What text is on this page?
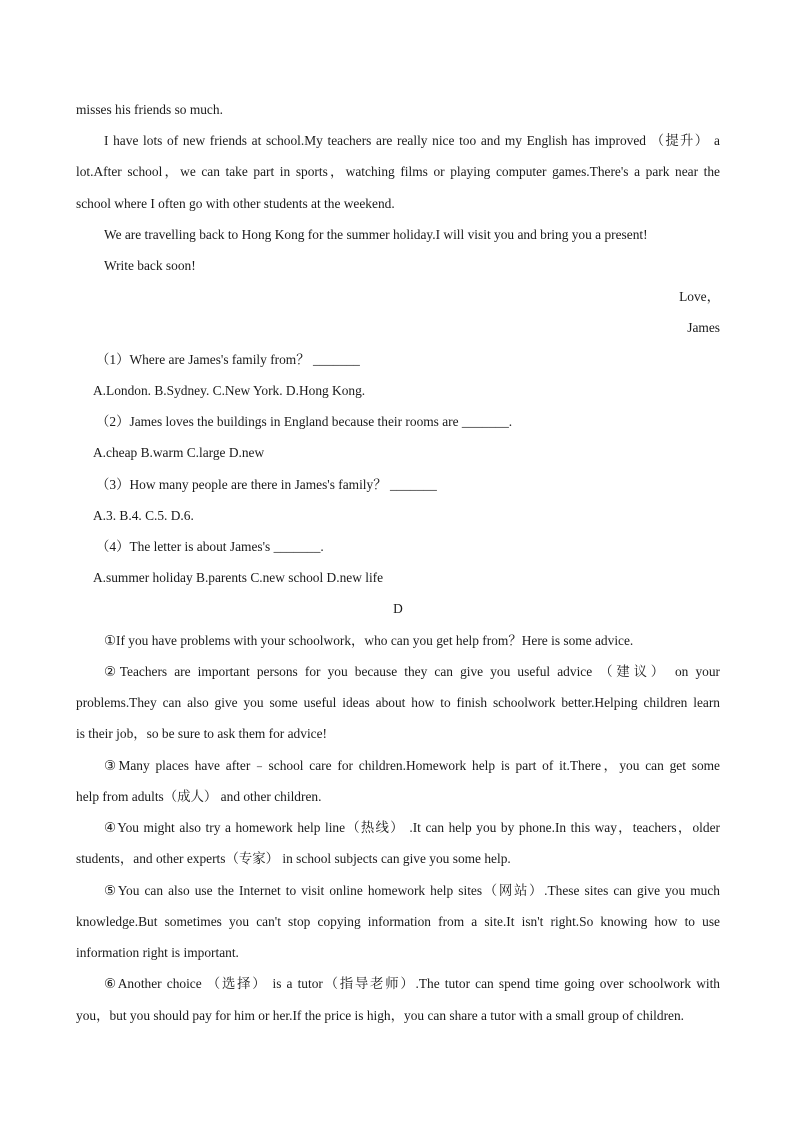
misses his friends so much.
I have lots of new friends at school.My teachers are really nice too and my English has improved （提升） a
lot.After school，we can take part in sports，watching films or playing computer games.There's a park near the
school where I often go with other students at the weekend.
We are travelling back to Hong Kong for the summer holiday.I will visit you and bring you a present!
Write back soon!
Love，
James
（1）Where are James's family from？ _______
A.London. B.Sydney. C.New York. D.Hong Kong.
（2）James loves the buildings in England because their rooms are _______.
A.cheap B.warm C.large D.new
（3）How many people are there in James's family？ _______
A.3. B.4. C.5. D.6.
（4）The letter is about James's _______.
A.summer holiday B.parents C.new school D.new life
D
①If you have problems with your schoolwork，who can you get help from？Here is some advice.
②Teachers are important persons for you because they can give you useful advice （建议） on your
problems.They can also give you some useful ideas about how to finish schoolwork better.Helping children learn
is their job，so be sure to ask them for advice!
③Many places have after﹣school care for children.Homework help is part of it.There，you can get some
help from adults（成人） and other children.
④You might also try a homework help line（热线） .It can help you by phone.In this way，teachers，older
students，and other experts（专家） in school subjects can give you some help.
⑤You can also use the Internet to visit online homework help sites（网站）.These sites can give you much
knowledge.But sometimes you can't stop copying information from a site.It isn't right.So knowing how to use
information right is important.
⑥Another choice （选择） is a tutor（指导老师）.The tutor can spend time going over schoolwork with
you，but you should pay for him or her.If the price is high，you can share a tutor with a small group of children.
